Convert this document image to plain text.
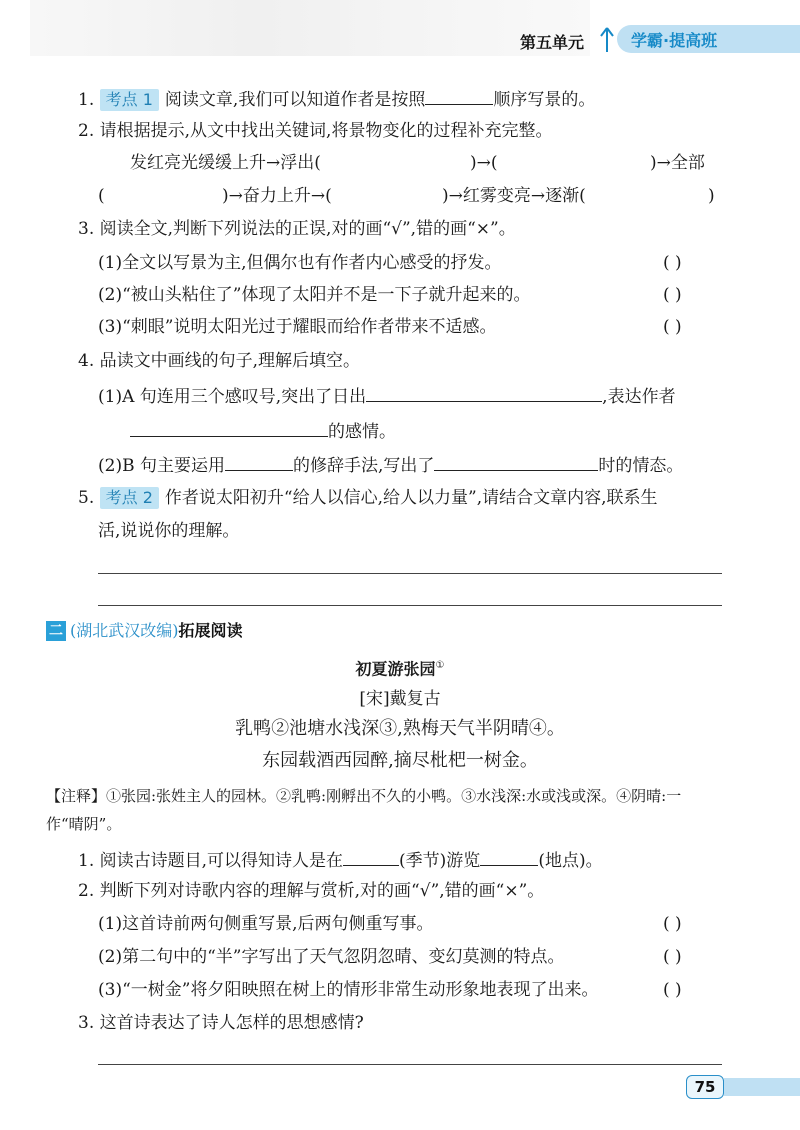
第五单元	学霸·提高班
1. 考点 1 阅读文章,我们可以知道作者是按照	顺序写景的。
2. 请根据提示,从文中找出关键词,将景物变化的过程补充完整。
发红亮光缓缓上升→浮出(	)→(	)→全部
(	)→奋力上升→(	)→红雾变亮→逐渐(	)
3. 阅读全文,判断下列说法的正误,对的画“√”,错的画“×”。
(1)全文以写景为主,但偶尔也有作者内心感受的抒发。	( )
(2)“被山头粘住了”体现了太阳并不是一下子就升起来的。	( )
(3)“刺眼”说明太阳光过于耀眼而给作者带来不适感。	( )
4. 品读文中画线的句子,理解后填空。
(1)A 句连用三个感叹号,突出了日出	,表达作者
的感情。
(2)B 句主要运用	的修辞手法,写出了	时的情态。
5. 考点 2 作者说太阳初升“给人以信心,给人以力量”,请结合文章内容,联系生
活,说说你的理解。
二 (湖北武汉改编)拓展阅读
初夏游张园①
[宋]戴复古
乳鸭②池塘水浅深③,熟梅天气半阴晴④。
东园载酒西园醉,摘尽枇杷一树金。
【注释】①张园:张姓主人的园林。②乳鸭:刚孵出不久的小鸭。③水浅深:水或浅或深。④阴晴:一
作“晴阴”。
1. 阅读古诗题目,可以得知诗人是在	(季节)游览	(地点)。
2. 判断下列对诗歌内容的理解与赏析,对的画“√”,错的画“×”。
(1)这首诗前两句侧重写景,后两句侧重写事。	( )
(2)第二句中的“半”字写出了天气忽阴忽晴、变幻莫测的特点。	( )
(3)“一树金”将夕阳映照在树上的情形非常生动形象地表现了出来。	( )
3. 这首诗表达了诗人怎样的思想感情?
75
